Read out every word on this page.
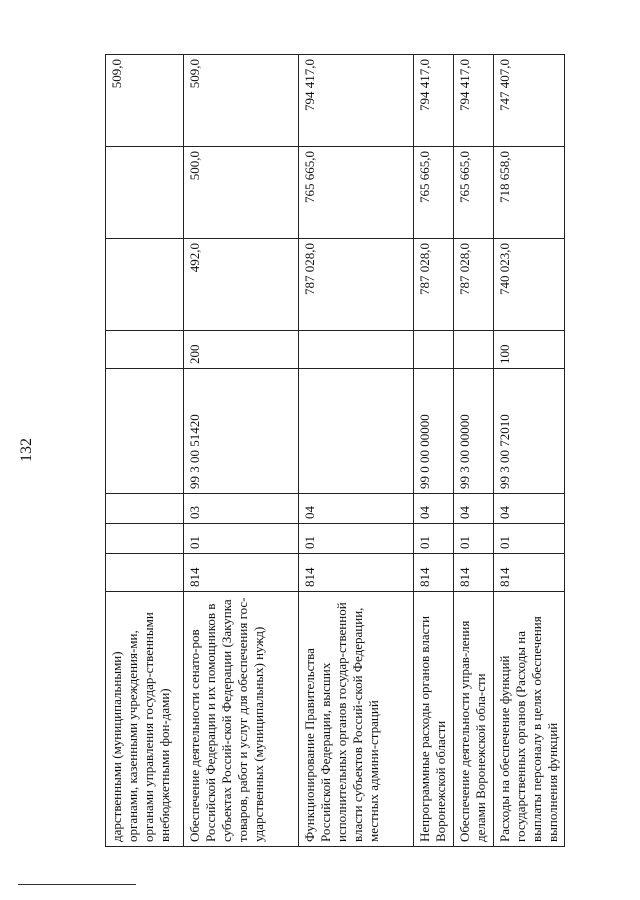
132
дарственными (муниципальными) органами, казенными учреждения-ми, органами управления государ-ственными внебюджетными фон-дами)								509,0
Обеспечение деятельности сенато-ров Российской Федерации и их помощников в субъектах Россий-ской Федерации (Закупка товаров, работ и услуг для обеспечения гос-ударственных (муниципальных) нужд)	814	01	03	99 3 00 51420	200	492,0	500,0	509,0
Функционирование Правительства Российской Федерации, высших исполнительных органов государ-ственной власти субъектов Россий-ской Федерации, местных админи-страций	814	01	04			787 028,0	765 665,0	794 417,0
Непрограммные расходы органов власти Воронежской области	814	01	04	99 0 00 00000		787 028,0	765 665,0	794 417,0
Обеспечение деятельности управ-ления делами Воронежской обла-сти	814	01	04	99 3 00 00000		787 028,0	765 665,0	794 417,0
Расходы на обеспечение функций государственных органов (Расходы на выплаты персоналу в целях обеспечения выполнения функций	814	01	04	99 3 00 72010	100	740 023,0	718 658,0	747 407,0
